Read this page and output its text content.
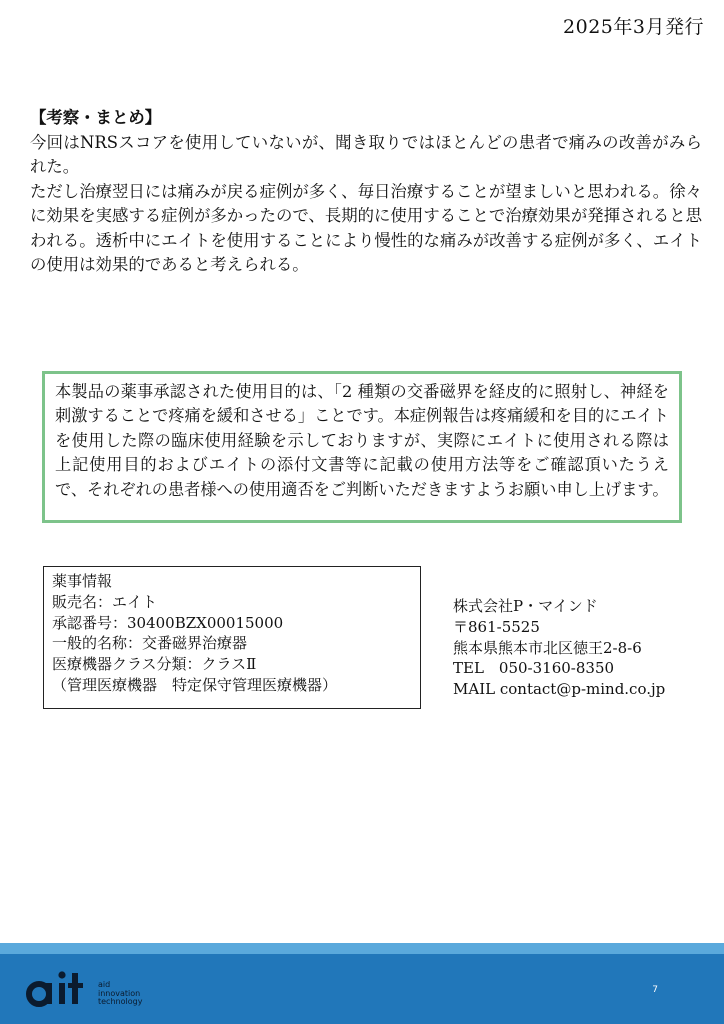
2025年3月発行
【考察・まとめ】

今回はNRSスコアを使用していないが、聞き取りではほとんどの患者で痛みの改善がみられた。

ただし治療翌日には痛みが戻る症例が多く、毎日治療することが望ましいと思われる。徐々に効果を実感する症例が多かったので、長期的に使用することで治療効果が発揮されると思われる。透析中にエイトを使用することにより慢性的な痛みが改善する症例が多く、エイトの使用は効果的であると考えられる。

本製品の薬事承認された使用目的は、「2 種類の交番磁界を経皮的に照射し、神経を刺激することで疼痛を緩和させる」ことです。本症例報告は疼痛緩和を目的にエイトを使用した際の臨床使用経験を示しておりますが、実際にエイトに使用される際は上記使用目的およびエイトの添付文書等に記載の使用方法等をご確認頂いたうえで、それぞれの患者様への使用適否をご判断いただきますようお願い申し上げます。
薬事情報
販売名：エイト
承認番号：30400BZX00015000
一般的名称：交番磁界治療器
医療機器クラス分類：クラスⅡ
（管理医療機器　特定保守管理医療機器）
株式会社P・マインド
〒861-5525
熊本県熊本市北区徳王2-8-6
TEL　050-3160-8350
MAIL contact@p-mind.co.jp
aid
innovation
technology
7
